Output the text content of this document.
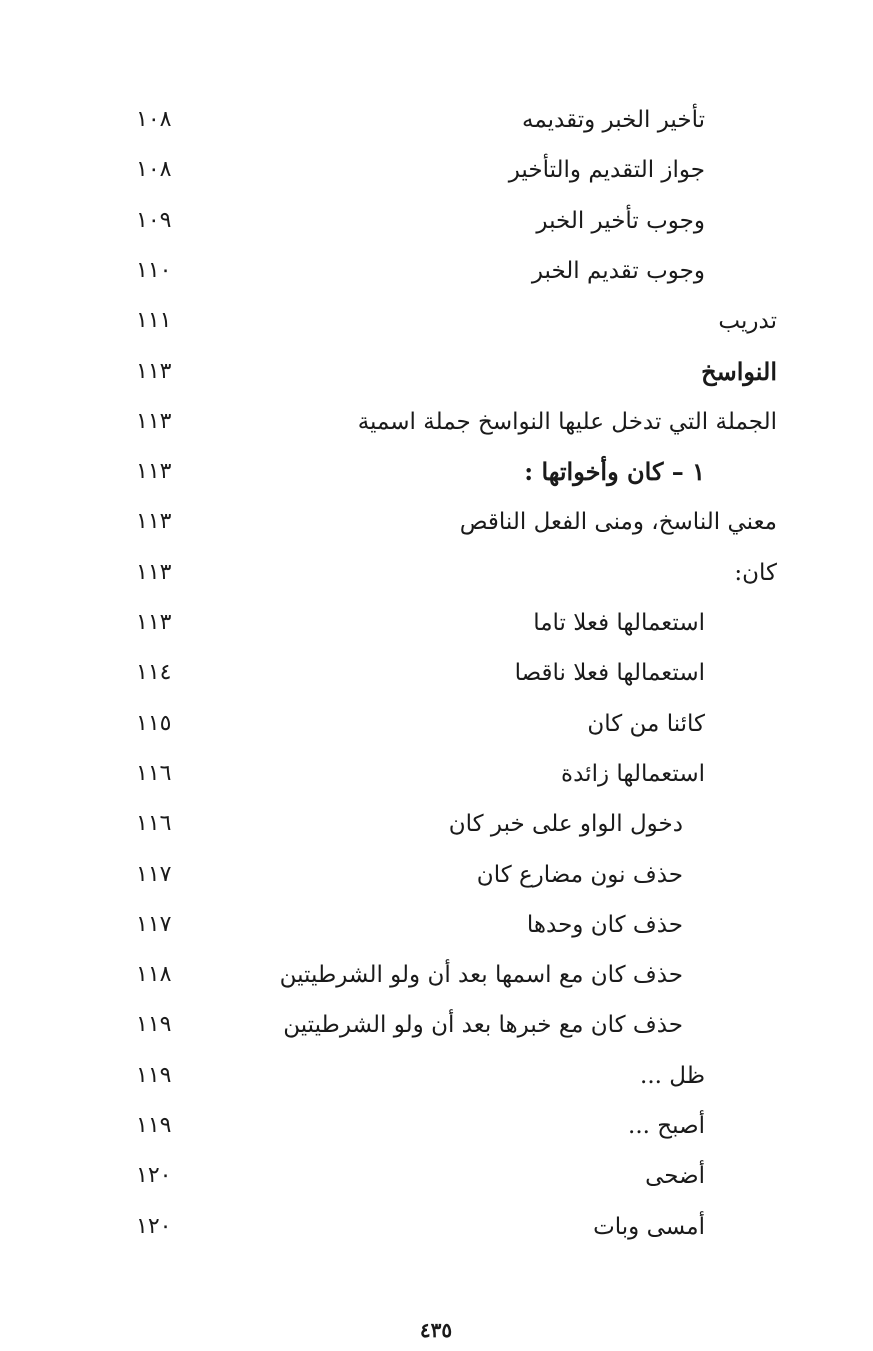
تأخير الخبر وتقديمه
١٠٨
جواز التقديم والتأخير
١٠٨
وجوب تأخير الخبر
١٠٩
وجوب تقديم الخبر
١١٠
تدريب
١١١
النواسخ
١١٣
الجملة التي تدخل عليها النواسخ جملة اسمية
١١٣
١ – كان وأخواتها :
١١٣
معني الناسخ، ومنى الفعل الناقص
١١٣
كان:
١١٣
استعمالها فعلا تاما
١١٣
استعمالها فعلا ناقصا
١١٤
كائنا من كان
١١٥
استعمالها زائدة
١١٦
دخول الواو على خبر كان
١١٦
حذف نون مضارع كان
١١٧
حذف كان وحدها
١١٧
حذف كان مع اسمها بعد أن ولو الشرطيتين
١١٨
حذف كان مع خبرها بعد أن ولو الشرطيتين
١١٩
ظل ...
١١٩
أصبح ...
١١٩
أضحى
١٢٠
أمسى وبات
١٢٠
٤٣٥
